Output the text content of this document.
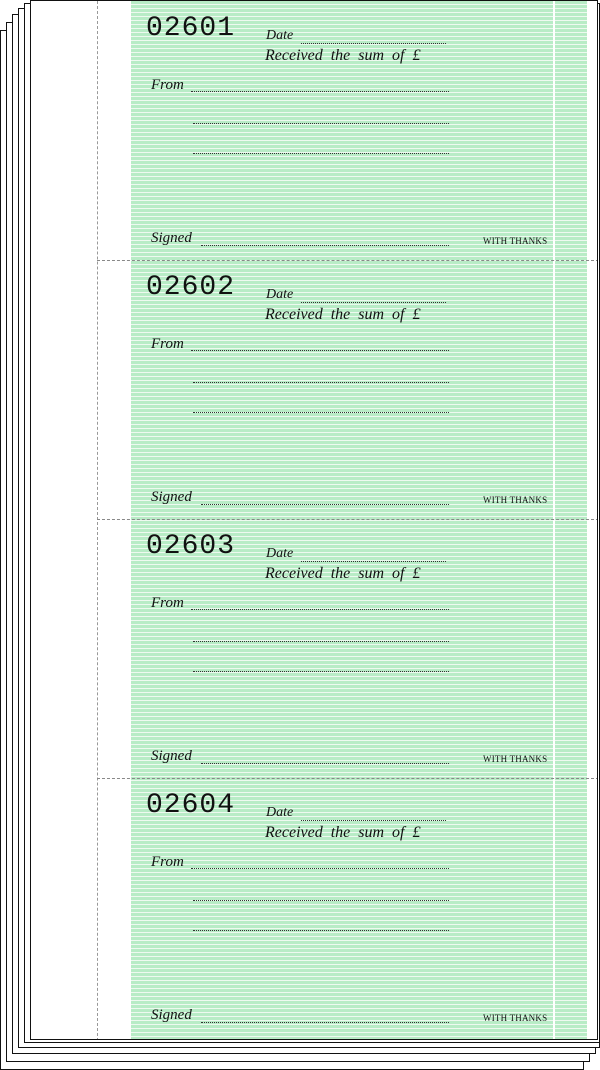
02601 Date
Received the sum of £
From
Signed	WITH THANKS
02602 Date
Received the sum of £
From
Signed	WITH THANKS
02603 Date
Received the sum of £
From
Signed	WITH THANKS
02604 Date
Received the sum of £
From
Signed	WITH THANKS
